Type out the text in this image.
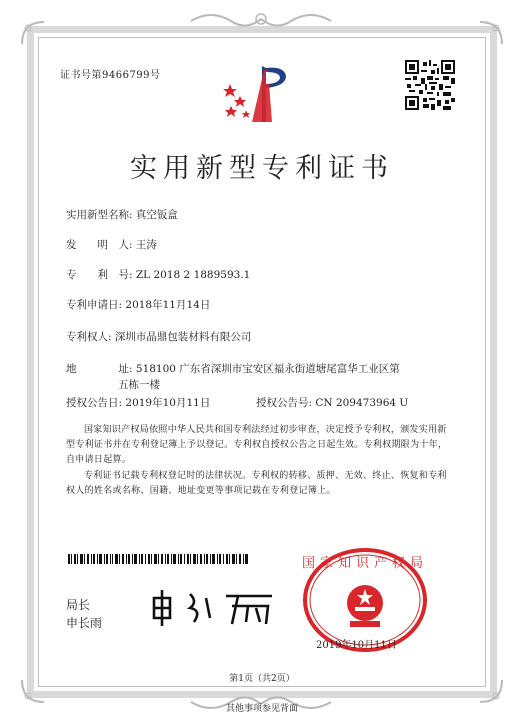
证书号第9466799号
实用新型专利证书
实用新型名称: 真空钣盒
发　　明　人: 王涛
专　　利　号: ZL 2018 2 1889593.1
专利申请日: 2018年11月14日
专利权人: 深圳市晶鼎包装材料有限公司
地　　　　址: 518100 广东省深圳市宝安区福永街道塘尾富华工业区第
五栋一楼
授权公告日: 2019年10月11日	授权公告号: CN 209473964 U
国家知识产权局依照中华人民共和国专利法经过初步审查，决定授予专利权，颁发实用新型专利证书并在专利登记簿上予以登记。专利权自授权公告之日起生效。专利权期限为十年，自申请日起算。
专利证书记载专利权登记时的法律状况。专利权的转移、质押、无效、终止、恢复和专利权人的姓名或名称、国籍、地址变更等事项记载在专利登记簿上。
局长
申长雨
国家知识产权局
2019年10月11日
第1页（共2页）
其他事项参见背面
